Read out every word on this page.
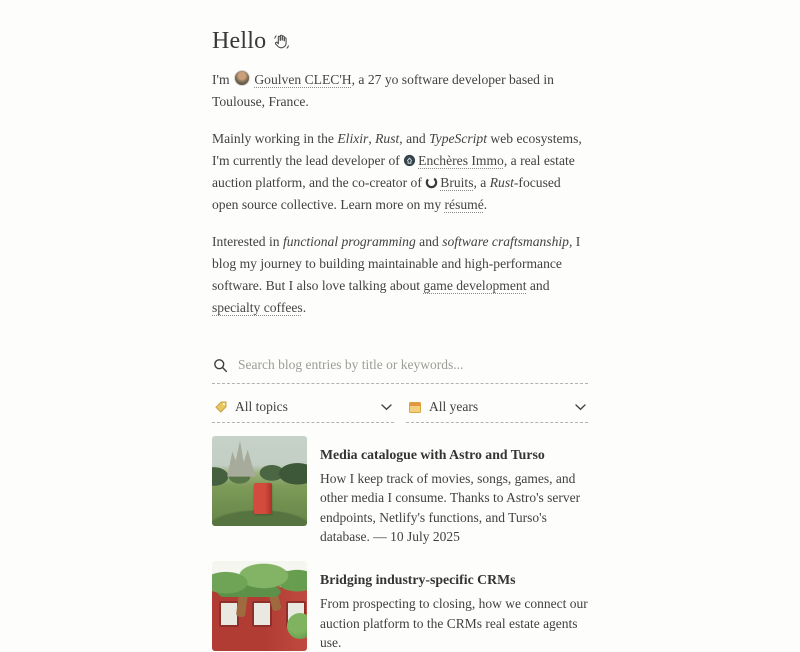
Hello

I'm  Goulven CLEC'H, a 27 yo software developer based in Toulouse, France.

Mainly working in the Elixir, Rust, and TypeScript web ecosystems, I'm currently the lead developer of
Enchères Immo, a real estate auction platform, and the co-creator of
Bruits, a Rust-focused open source collective. Learn more on my résumé.

Interested in functional programming and software craftsmanship, I blog my journey to building maintainable and high-performance software. But I also love talking about game development and specialty coffees.

Search blog entries by title or keywords...
All topics	All years
Media catalogue with Astro and Turso

How I keep track of movies, songs, games, and other media I consume. Thanks to Astro's server endpoints, Netlify's functions, and Turso's database. — 10 July 2025

Bridging industry-specific CRMs

From prospecting to closing, how we connect our auction platform to the CRMs real estate agents use.
